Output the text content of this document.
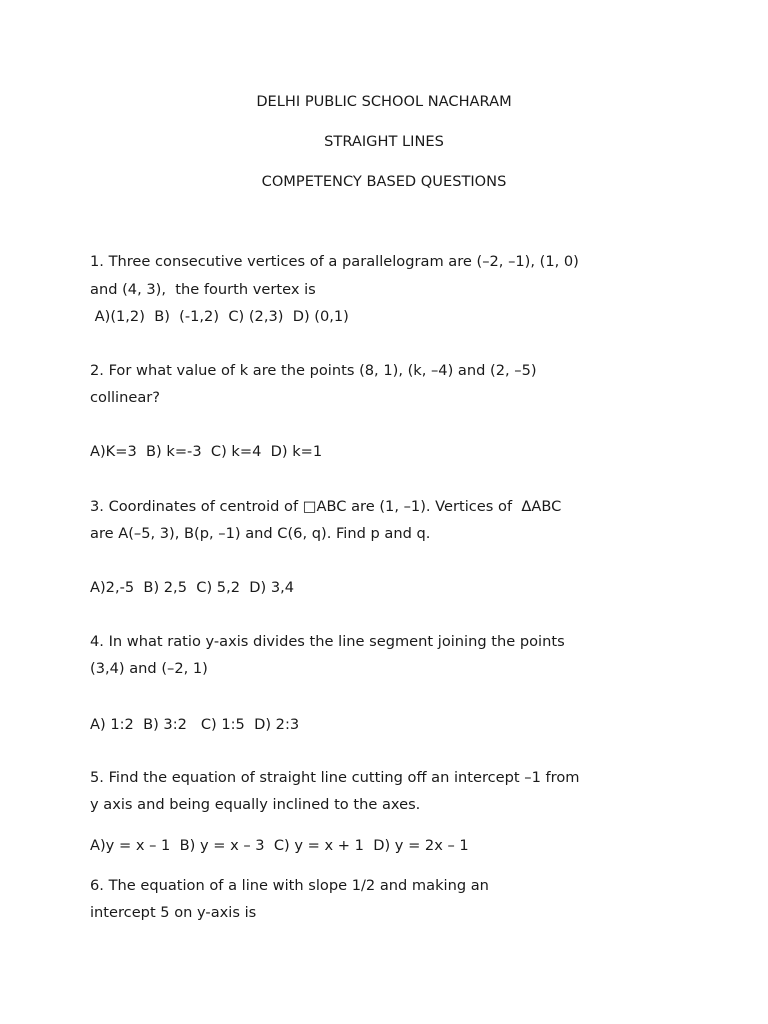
DELHI PUBLIC SCHOOL NACHARAM
STRAIGHT LINES
COMPETENCY BASED QUESTIONS
1. Three consecutive vertices of a parallelogram are (–2, –1), (1, 0)
and (4, 3),  the fourth vertex is
A)(1,2)  B)  (-1,2)  C) (2,3)  D) (0,1)
2. For what value of k are the points (8, 1), (k, –4) and (2, –5)
collinear?
A)K=3  B) k=-3  C) k=4  D) k=1
3. Coordinates of centroid of □ABC are (1, –1). Vertices of  ΔABC
are A(–5, 3), B(p, –1) and C(6, q). Find p and q.
A)2,-5  B) 2,5  C) 5,2  D) 3,4
4. In what ratio y-axis divides the line segment joining the points
(3,4) and (–2, 1)
A) 1:2  B) 3:2   C) 1:5  D) 2:3
5. Find the equation of straight line cutting off an intercept –1 from
y axis and being equally inclined to the axes.
A)y = x – 1  B) y = x – 3  C) y = x + 1  D) y = 2x – 1
6. The equation of a line with slope 1/2 and making an
intercept 5 on y-axis is
